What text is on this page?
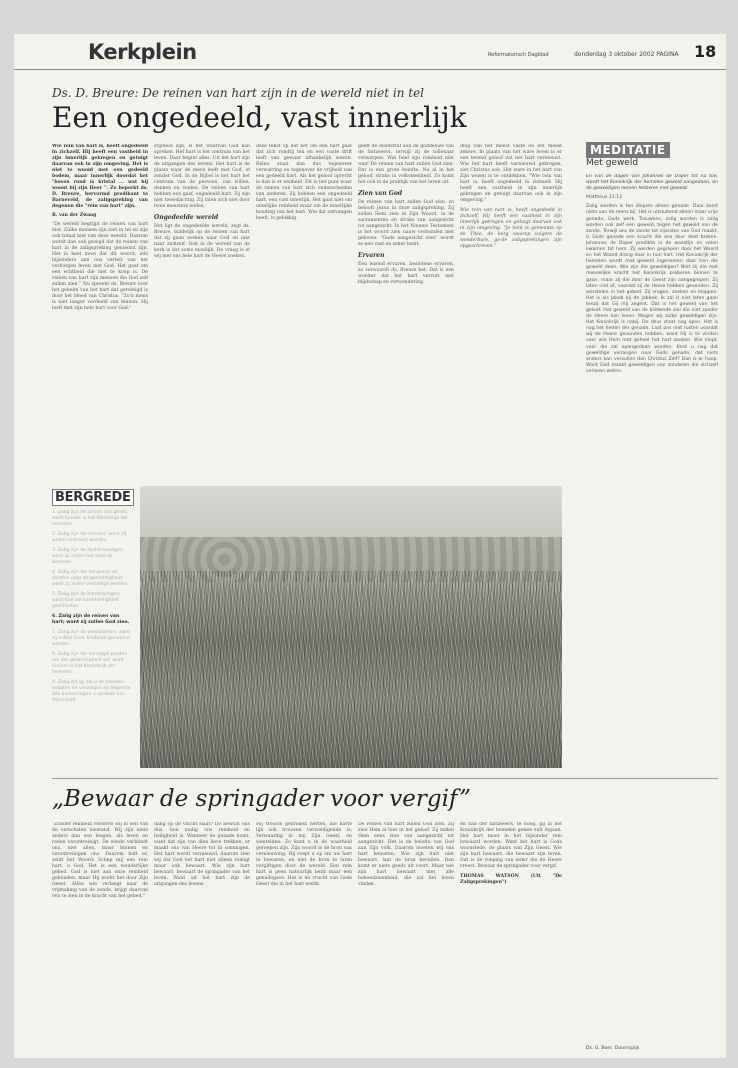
Kerkplein	Reformatorisch Dagblad	donderdag 3 oktober 2002 PAGINA 18
Ds. D. Breure: De reinen van hart zijn in de wereld niet in tel
Een ongedeeld, vast innerlijk

Wie rein van hart is, heeft ongedeeld in zichzelf. Hij heeft een vastheid in zijn innerlijk gekregen en getuigt daarvan ook in zijn omgeving. Het is niet te wuoid met een gedeeld bodem, maar innerlijk doordat het "boven rond is kristal ... wat hij woont bij zijn Heer ". Zo beperkt ds. D. Breure, hervormd predikant te Barneveld, de zaligspreking van degenen die "rein van hart" zijn.

R. van der Zwaag

"De wereld begrijpt de reinen van hart niet. Zulke mensen zijn niet in tel en zijn ook totaal niet van deze wereld. Daarom wordt dan ook gezegd dat de reinen van hart in de zaligspreking genoemd zijn. Het is heel mooi dat dit woord, iets bijzonders aan ons vertelt van het verborgen leven met God. Het gaat om een echtheid die niet te koop is. De reinen van hart zijn mensen die God zelf zullen zien." Nu spreekt ds. Breure over het geheim van het hart dat gereinigd is door het bloed van Christus. "Zo'n mens is niet langer verdeeld van binnen. Hij leeft met zijn hele hart voor God."

stijlheid zijn, is het waarvan God kan spreken. Het hart is het centrum van het leven. Daar begint alles. Uit het hart zijn de uitgangen des levens. Het hart is de plaats waar de mens leeft met God, of zonder God. In de Bijbel is het hart het centrum van de persoon, van willen, denken en voelen. De reinen van hart hebben een gaaf, ongedeeld hart. Zij zijn niet tweeslachtig. Zij laten zich niet door twee meesters leiden.

Ongedeelde wereld

Het ligt de ongedeelde wereld, zegt ds. Breure, duidelijk op de reinen van hart dat zij gaan zoeken naar God en niet naar zichzelf. Ook in de wereld van de kerk is dat soms moeilijk. De vraag is of wij met ons hele hart de Heere zoeken.

deze tekst op dat het om een hart gaat dat zich rondtij ten en een vaste drift leeft van gewaar afhankelijk wezen. Reine staat dan dus tegenover verwarring en tegenover de vrijheid van een gedeeld hart. Als het geloof oprecht is dan is er eenheid. Dit is het punt waar de reinen van hart zich onderscheiden van anderen. Zij hebben een ongedeeld hart, een vast innerlijk. Het gaat niet om uiterlijke reinheid maar om de innerlijke houding van het hart. Wie dat ontvangen heeft, is gelukkig.

geeft de doodstraf aan de goddeloze van de farizeeers, terwijl zij de tollenaar verwerpen. Wat heel zijn reinheid niet was! De reinen van hart zullen God zien. Dat is een grote belofte. Nu al in het geloof, straks in volkomenheid. Zo komt het ook in de praktijk van het leven uit.

Zien van God

De reinen van hart zullen God zien, zo belooft Jezus in deze zaligspreking. Zij zullen Hem zien in Zijn Woord, in de sacramenten en straks van aangezicht tot aangezicht. In het Nieuwe Testament is het woord zien nauw verbonden met geloven. "Gods aangezicht zien" wordt zo een vast en zeker bezit.

Ervaren

Een lezend ervaren, beslotene ervaren, zo verwoordt ds. Breure het. Dat is een wonder dat het hart vervult met blijdschap en verwondering.

ding van het meest vaste en het meest zekere. In plaats van het ware leven is er een levend geloof dat het hart vernieuwt. Wie het hart heeft vernieuwd gekregen, ziet Christus ook. Het ware in het hart van Zijn wezen is te ontdekken. "Wie rein van hart is, heeft ongedeeld in zichzelf. Hij heeft een vastheid in zijn innerlijk gekregen en getuigt daarvan ook in zijn omgeving."

Wie rein van hart is, heeft ongedeeld in zichzelf. Hij heeft een vastheid in zijn innerlijk gekregen en getuigt daarvan ook in zijn omgeving. "Je bent is gemeente op de Thee, de berg waarop volgers de wonderbare, ge-de zaligsprekingen zijn opgeschreven."

MEDITATIE
Met geweld

En van de dagen van Johannes de Doper tot nu toe, wordt het Koninkrijk der hemelen geweld aangedaan, en de geweldigen nemen hetzelve met geweld.

Mattheus 11:12

Zalig worden is ten diepste alleen genade. Daar komt niets van de mens bij. Het is uitsluitend alleen maar vrije genade, Gods werk. Trouwens, zalig worden is zalig worden ook zelf een geweld, tegen het geweld van de zonde. Terwijl ons de zonde tot vijanden van God maakt, is Gods genade een kracht die ons door doet breken. Johannes de Doper predikte in de woestijn en velen kwamen tot hem. Zij werden gegrepen door het Woord en het Woord drong door in hun hart. Het Koninkrijk der hemelen wordt met geweld ingenomen door hen die geweld doen. Wie zijn die geweldigen? Niet zij die met menselijke kracht het Koninkrijk proberen binnen te gaan, maar zij die door de Geest zijn aangegrepen. Zij laten niet af, voordat zij de Heere hebben gevonden. Zij worstelen in het gebed. Zij vragen, zoeken en kloppen. Het is als Jakob bij de Jabbok: Ik zal U niet laten gaan tenzij dat Gij mij zegent. Dat is het geweld van het geloof. Het geweld van de biddende ziel die niet zonder de Heere kan leven. Mogen wij zulke geweldigen zijn. Het Koninkrijk is nabij. De deur staat nog open. Het is nog het heden der genade. Laat ons niet rusten voordat wij de Heere gevonden hebben, want Hij is te vinden voor wie Hem met geheel het hart zoeken. Wie klopt, voor die zal opengedaan worden. Kent u nog dat geweldige verlangen naar Gods genade, dat niets anders kan vervullen dan Christus Zelf? Dan is er hoop. Want God maakt geweldigen van zondaren die zichzelf verloren weten.

Ds. G. Boer, Doornspijk
BERGREDE
1. Zalig zijn de armen van geest; want hunner is het Koninkrijk der hemelen.
2. Zalig zijn die treuren; want zij zullen vertroost worden.
3. Zalig zijn de zachtmoedigen; want zij zullen het aardrijk beerven.
4. Zalig zijn die hongeren en dorsten naar de gerechtigheid; want zij zullen verzadigd worden.
5. Zalig zijn de barmhartigen; want hun zal barmhartigheid geschieden.
6. Zalig zijn de reinen van hart; want zij zullen God zien.
7. Zalig zijn de vreedzamen; want zij zullen Gods kinderen genaamd worden.
8. Zalig zijn die vervolgd worden om der gerechtigheid wil; want hunner is het Koninkrijk der hemelen.
9. Zalig zijt gij als u de mensen smaden en vervolgen en liegende alle kwaad tegen u spreken om Mijnentwil.
„Bewaar de springader voor vergif”

"Zonder reinheid verloren wij in een van de verschalen toestand. Wij zijn niets anders dan een leugen, als leven en reden verontreinigt. De zonde verblindt ons, niet allen, maar binnen en verontreinigen ons. Daarom bidt er, zeldt het Woord: Schep mij een rein hart, o God. Het is een wonderlijke gebed. God is niet aan onze reinheid gebonden, maar Hij werkt het door Zijn Geest. Allen wie verlangt naar de vrijmaking van de zonde, krijgt daarvan iets te zien in de kracht van het gebed."

dang op de vlucht slaat? Do bewust ons dus, hoe nodig ons reinheid en heiligheid is. Wanneer de genade komt, want dat zijn van dien lieve trekken, er maakt ons van Heere tot in sommigen. Het hart wordt vernieuwd, daarom zien wij dat God het hart niet alleen reinigt maar ook bewaart. Wie zijn hart bewaart, bewaart de springader van het leven. Want uit het hart zijn de uitgangen des levens.

Hij trooste gebroken herten, die harte lijk ook trouwen verweldigende is; Verwaardig in mij Zijn Geest, en wentelden: Zo kunt u in de waarheid geroepen zijn. Zijn woord is de bron van vernieuwing. Hij roept u op om uw hart te bewaren, en niet de bron te laten vergiftigen door de wereld. Een rein hart is geen natuurlijk bezit maar een genadegave. Het is de vrucht van Gods Geest die in het hart werkt.

De reinen van hart zullen God zien. Zij zien Hem al hier in het geloof. Zij zullen Hem eens zien van aangezicht tot aangezicht. Het is de belofte van God aan Zijn volk. Daarom moeten wij ons hart bewaren. Wie zijn hart niet bewaart, laat de bron bevuilen. Dan komt er niets goeds uit voort. Maar wie zijn hart bewaart met alle behoedzaamheid, die zal het leven vinden.

en dan der farizeeers, te hoog, gij in het Koninkrijk der hemelen genen zult ingaan. Het hart moet in het bijzonder rein bewaard worden. Want het hart is Gods woonstede, de plaats van Zijn Geest. Wie zijn hart bewaart, die bewaart zijn leven. Dat is de roeping van ieder die de Heere vreest. Bewaar de springader voor vergif.

THOMAS WATSON (Uit "De Zaligsprekingen")
